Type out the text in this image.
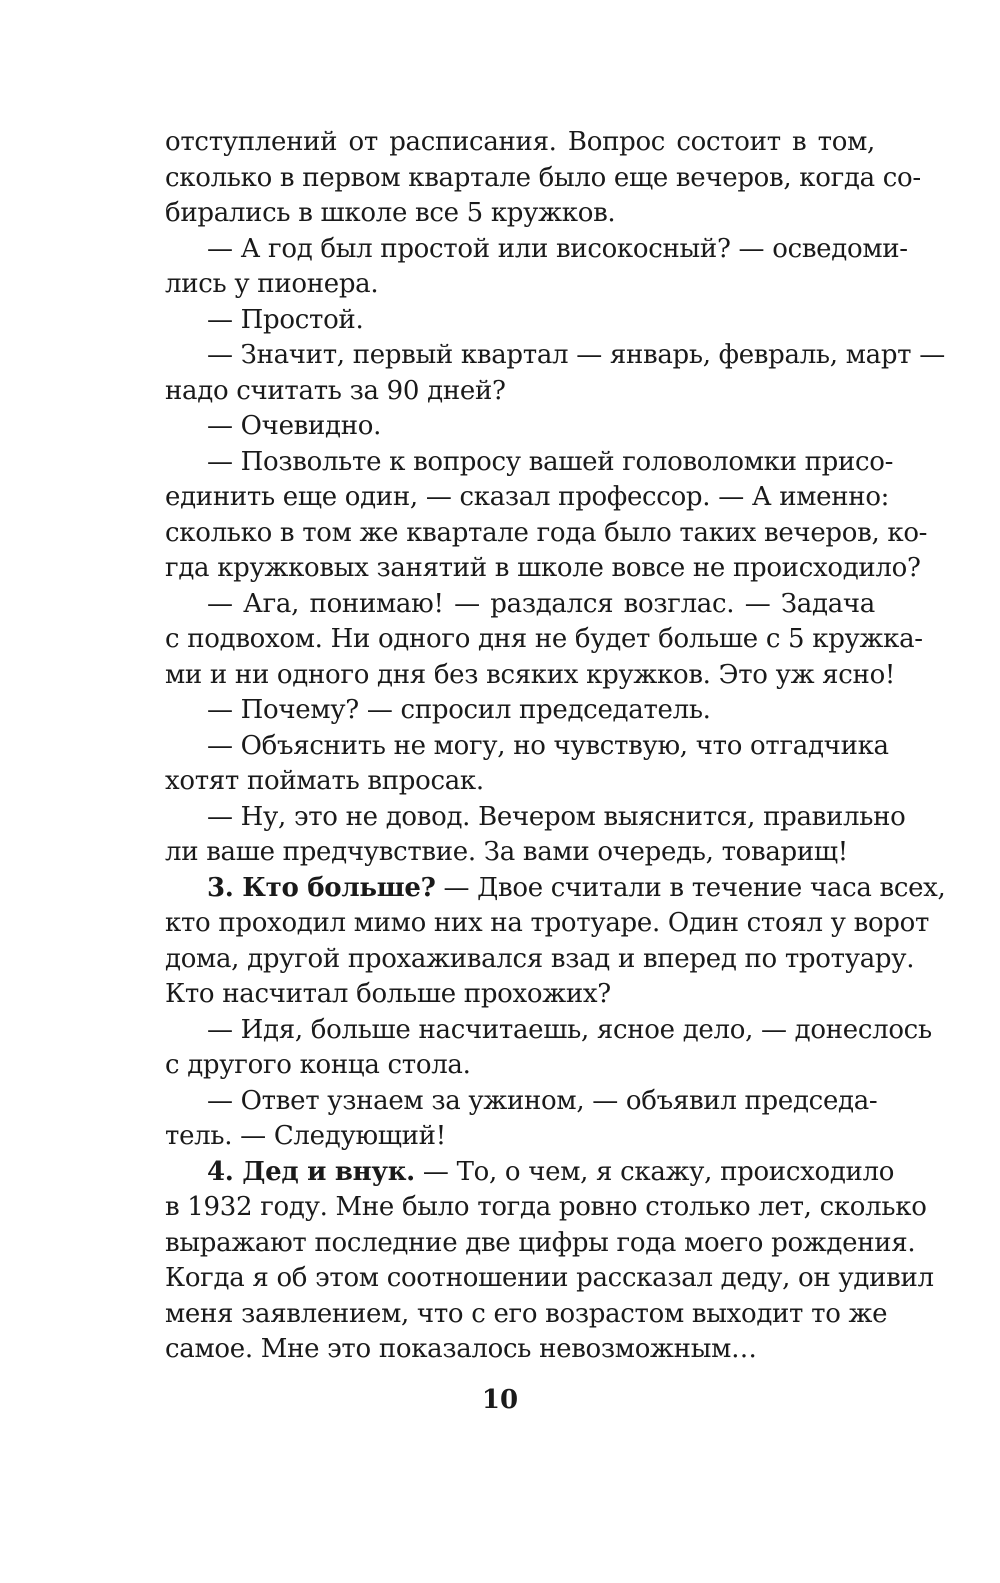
отступлений от расписания. Вопрос состоит в том,
сколько в первом квартале было еще вечеров, когда со-
бирались в школе все 5 кружков.
— А год был простой или високосный? — осведоми-
лись у пионера.
— Простой.
— Значит, первый квартал — январь, февраль, март —
надо считать за 90 дней?
— Очевидно.
— Позвольте к вопросу вашей головоломки присо-
единить еще один, — сказал профессор. — А именно:
сколько в том же квартале года было таких вечеров, ко-
гда кружковых занятий в школе вовсе не происходило?
— Ага, понимаю! — раздался возглас. — Задача
с подвохом. Ни одного дня не будет больше с 5 кружка-
ми и ни одного дня без всяких кружков. Это уж ясно!
— Почему? — спросил председатель.
— Объяснить не могу, но чувствую, что отгадчика
хотят поймать впросак.
— Ну, это не довод. Вечером выяснится, правильно
ли ваше предчувствие. За вами очередь, товарищ!
3. Кто больше? — Двое считали в течение часа всех,
кто проходил мимо них на тротуаре. Один стоял у ворот
дома, другой прохаживался взад и вперед по тротуару.
Кто насчитал больше прохожих?
— Идя, больше насчитаешь, ясное дело, — донеслось
с другого конца стола.
— Ответ узнаем за ужином, — объявил председа-
тель. — Следующий!
4. Дед и внук. — То, о чем, я скажу, происходило
в 1932 году. Мне было тогда ровно столько лет, сколько
выражают последние две цифры года моего рождения.
Когда я об этом соотношении рассказал деду, он удивил
меня заявлением, что с его возрастом выходит то же
самое. Мне это показалось невозможным…
10
